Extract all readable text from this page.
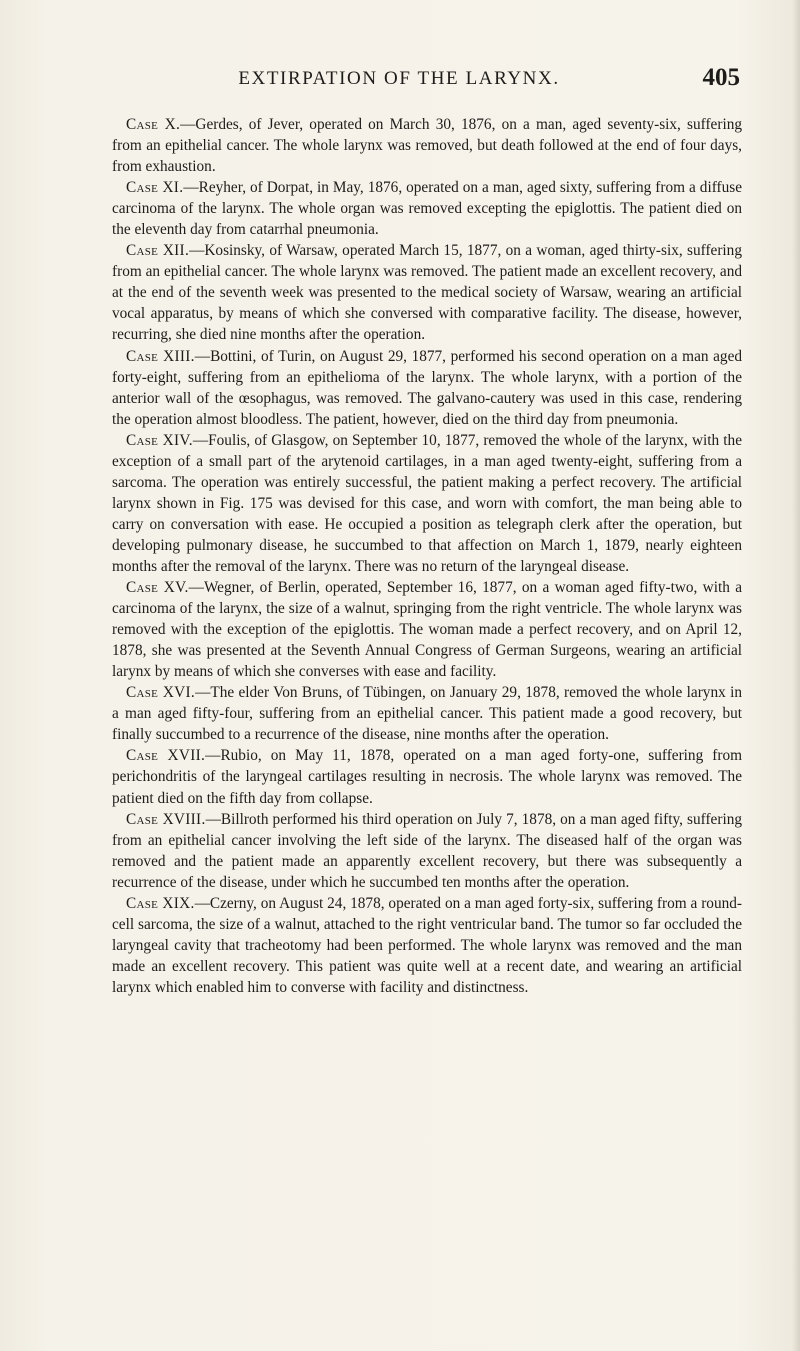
EXTIRPATION OF THE LARYNX.	405

Case X.—Gerdes, of Jever, operated on March 30, 1876, on a man, aged seventy-six, suffering from an epithelial cancer. The whole larynx was removed, but death followed at the end of four days, from exhaustion.

Case XI.—Reyher, of Dorpat, in May, 1876, operated on a man, aged sixty, suffering from a diffuse carcinoma of the larynx. The whole organ was removed excepting the epiglottis. The patient died on the eleventh day from catarrhal pneumonia.

Case XII.—Kosinsky, of Warsaw, operated March 15, 1877, on a woman, aged thirty-six, suffering from an epithelial cancer. The whole larynx was removed. The patient made an excellent recovery, and at the end of the seventh week was presented to the medical society of Warsaw, wearing an artificial vocal apparatus, by means of which she conversed with comparative facility. The disease, however, recurring, she died nine months after the operation.

Case XIII.—Bottini, of Turin, on August 29, 1877, performed his second operation on a man aged forty-eight, suffering from an epithelioma of the larynx. The whole larynx, with a portion of the anterior wall of the œsophagus, was removed. The galvano-cautery was used in this case, rendering the operation almost bloodless. The patient, however, died on the third day from pneumonia.

Case XIV.—Foulis, of Glasgow, on September 10, 1877, removed the whole of the larynx, with the exception of a small part of the arytenoid cartilages, in a man aged twenty-eight, suffering from a sarcoma. The operation was entirely successful, the patient making a perfect recovery. The artificial larynx shown in Fig. 175 was devised for this case, and worn with comfort, the man being able to carry on conversation with ease. He occupied a position as telegraph clerk after the operation, but developing pulmonary disease, he succumbed to that affection on March 1, 1879, nearly eighteen months after the removal of the larynx. There was no return of the laryngeal disease.

Case XV.—Wegner, of Berlin, operated, September 16, 1877, on a woman aged fifty-two, with a carcinoma of the larynx, the size of a walnut, springing from the right ventricle. The whole larynx was removed with the exception of the epiglottis. The woman made a perfect recovery, and on April 12, 1878, she was presented at the Seventh Annual Congress of German Surgeons, wearing an artificial larynx by means of which she converses with ease and facility.

Case XVI.—The elder Von Bruns, of Tübingen, on January 29, 1878, removed the whole larynx in a man aged fifty-four, suffering from an epithelial cancer. This patient made a good recovery, but finally succumbed to a recurrence of the disease, nine months after the operation.

Case XVII.—Rubio, on May 11, 1878, operated on a man aged forty-one, suffering from perichondritis of the laryngeal cartilages resulting in necrosis. The whole larynx was removed. The patient died on the fifth day from collapse.

Case XVIII.—Billroth performed his third operation on July 7, 1878, on a man aged fifty, suffering from an epithelial cancer involving the left side of the larynx. The diseased half of the organ was removed and the patient made an apparently excellent recovery, but there was subsequently a recurrence of the disease, under which he succumbed ten months after the operation.

Case XIX.—Czerny, on August 24, 1878, operated on a man aged forty-six, suffering from a round-cell sarcoma, the size of a walnut, attached to the right ventricular band. The tumor so far occluded the laryngeal cavity that tracheotomy had been performed. The whole larynx was removed and the man made an excellent recovery. This patient was quite well at a recent date, and wearing an artificial larynx which enabled him to converse with facility and distinctness.
